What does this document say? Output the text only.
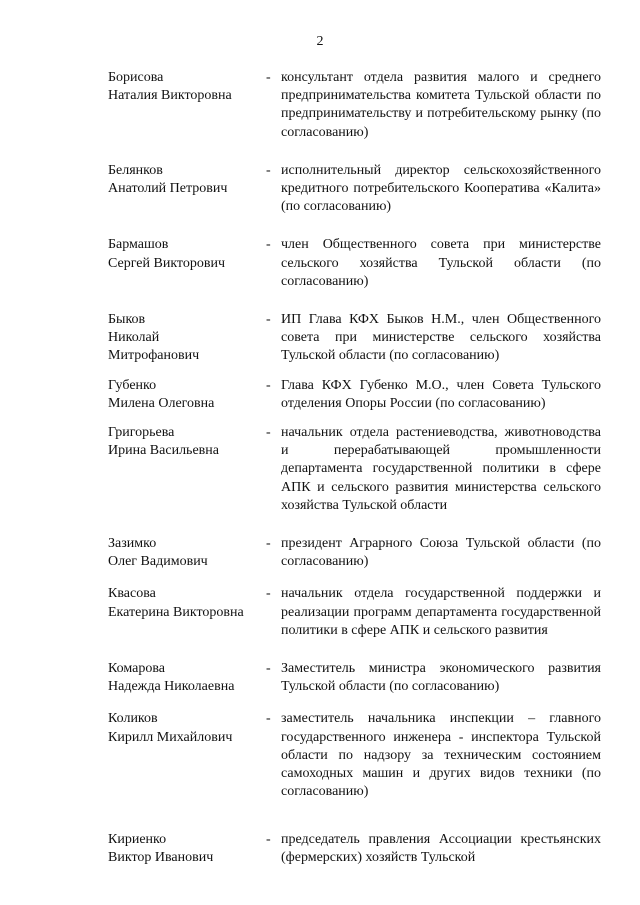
2
Борисова
Наталия Викторовна
- консультант отдела развития малого и среднего предпринимательства комитета Тульской области по предпринимательству и потребительскому рынку (по согласованию)
Белянков
Анатолий Петрович
- исполнительный директор сельскохозяйственного кредитного потребительского Кооператива «Калита» (по согласованию)
Бармашов
Сергей Викторович
- член Общественного совета при министерстве сельского хозяйства Тульской области (по согласованию)
Быков
Николай
Митрофанович
- ИП Глава КФХ Быков Н.М., член Общественного совета при министерстве сельского хозяйства Тульской области (по согласованию)
Губенко
Милена Олеговна
- Глава КФХ Губенко М.О., член Совета Тульского отделения Опоры России (по согласованию)
Григорьева
Ирина Васильевна
- начальник отдела растениеводства, животноводства и перерабатывающей промышленности департамента государственной политики в сфере АПК и сельского развития министерства сельского хозяйства Тульской области
Зазимко
Олег Вадимович
- президент Аграрного Союза Тульской области (по согласованию)
Квасова
Екатерина Викторовна
- начальник отдела государственной поддержки и реализации программ департамента государственной политики в сфере АПК и сельского развития
Комарова
Надежда Николаевна
- Заместитель министра экономического развития Тульской области (по согласованию)
Коликов
Кирилл Михайлович
- заместитель начальника инспекции – главного государственного инженера - инспектора Тульской области по надзору за техническим состоянием самоходных машин и других видов техники (по согласованию)
Кириенко
Виктор Иванович
- председатель правления Ассоциации крестьянских (фермерских) хозяйств Тульской
